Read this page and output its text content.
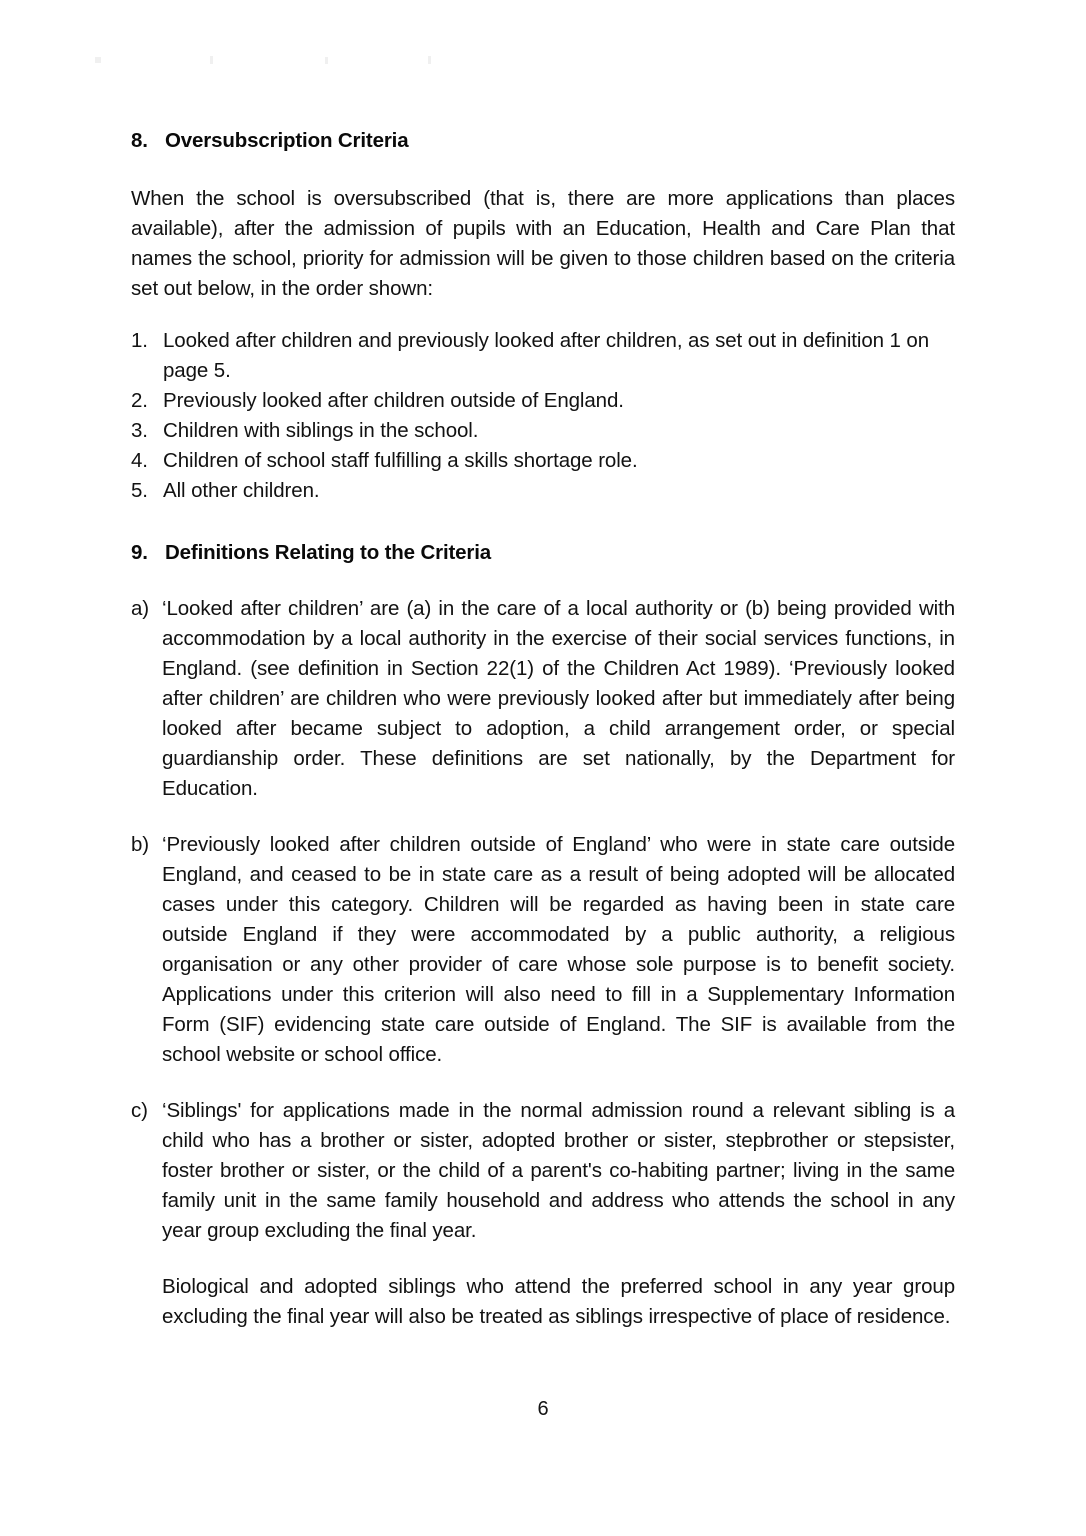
8. Oversubscription Criteria
When the school is oversubscribed (that is, there are more applications than places available), after the admission of pupils with an Education, Health and Care Plan that names the school, priority for admission will be given to those children based on the criteria set out below, in the order shown:
1. Looked after children and previously looked after children, as set out in definition 1 on page 5.
2. Previously looked after children outside of England.
3. Children with siblings in the school.
4. Children of school staff fulfilling a skills shortage role.
5. All other children.
9. Definitions Relating to the Criteria
a) ‘Looked after children’ are (a) in the care of a local authority or (b) being provided with accommodation by a local authority in the exercise of their social services functions, in England. (see definition in Section 22(1) of the Children Act 1989). ‘Previously looked after children’ are children who were previously looked after but immediately after being looked after became subject to adoption, a child arrangement order, or special guardianship order. These definitions are set nationally, by the Department for Education.

b) ‘Previously looked after children outside of England’ who were in state care outside England, and ceased to be in state care as a result of being adopted will be allocated cases under this category. Children will be regarded as having been in state care outside England if they were accommodated by a public authority, a religious organisation or any other provider of care whose sole purpose is to benefit society. Applications under this criterion will also need to fill in a Supplementary Information Form (SIF) evidencing state care outside of England. The SIF is available from the school website or school office.

c) ‘Siblings' for applications made in the normal admission round a relevant sibling is a child who has a brother or sister, adopted brother or sister, stepbrother or stepsister, foster brother or sister, or the child of a parent's co-habiting partner; living in the same family unit in the same family household and address who attends the school in any year group excluding the final year.

Biological and adopted siblings who attend the preferred school in any year group excluding the final year will also be treated as siblings irrespective of place of residence.

6
